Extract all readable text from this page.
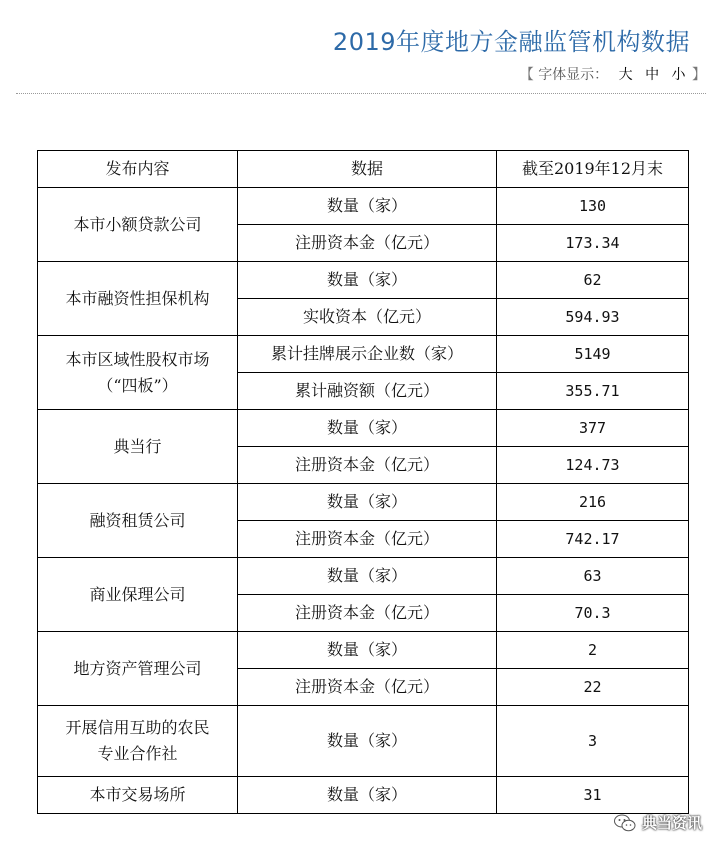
2019年度地方金融监管机构数据
【 字体显示： 大 中 小 】
发布内容	数据	截至2019年12月末

本市小额贷款公司	数量（家）	130
	注册资本金（亿元）	173.34

本市融资性担保机构	数量（家）	62
	实收资本（亿元）	594.93

本市区域性股权市场
（“四板”）	累计挂牌展示企业数（家）	5149
	累计融资额（亿元）	355.71

典当行	数量（家）	377
	注册资本金（亿元）	124.73

融资租赁公司	数量（家）	216
	注册资本金（亿元）	742.17

商业保理公司	数量（家）	63
	注册资本金（亿元）	70.3

地方资产管理公司	数量（家）	2
	注册资本金（亿元）	22

开展信用互助的农民
专业合作社	数量（家）	3

本市交易场所	数量（家）	31
典当资讯
